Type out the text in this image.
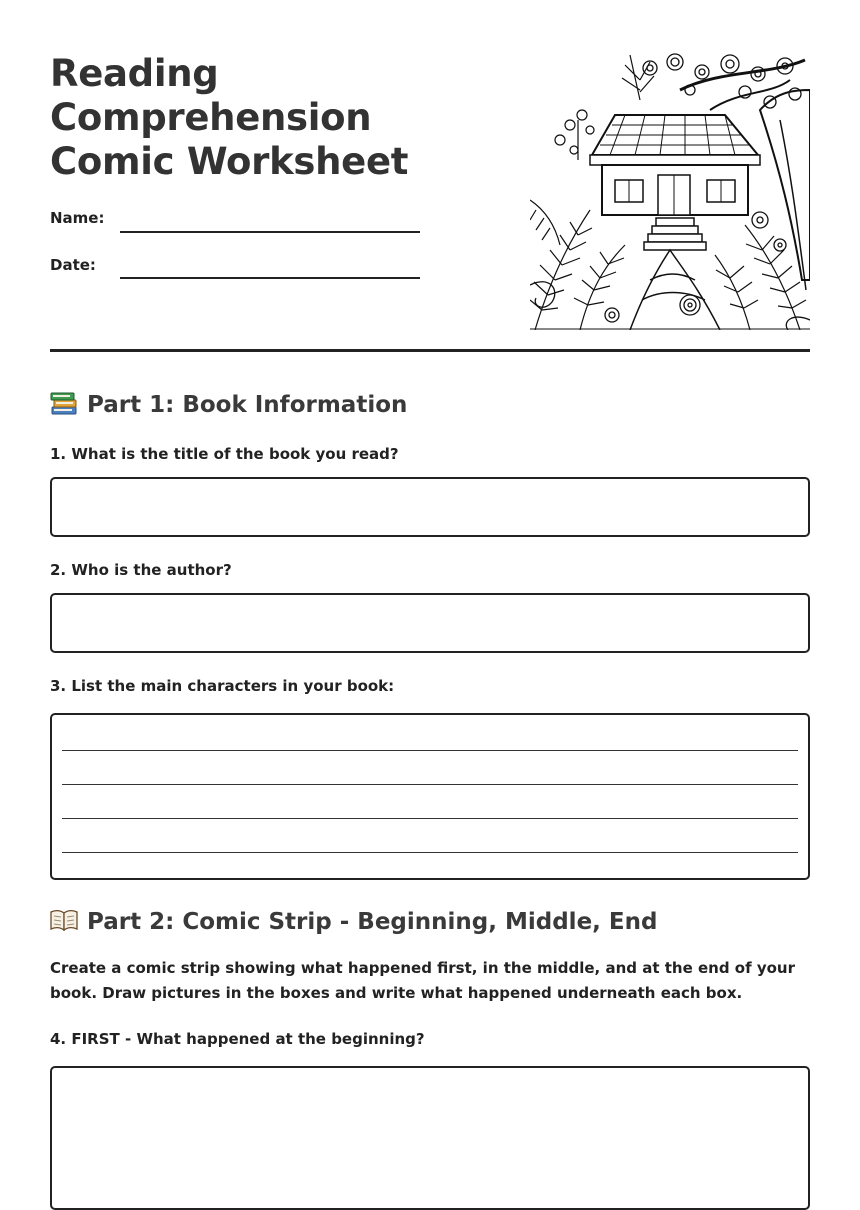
Reading Comprehension Comic Worksheet
Name:
Date:
Part 1: Book Information
1. What is the title of the book you read?
2. Who is the author?
3. List the main characters in your book:
Part 2: Comic Strip - Beginning, Middle, End

Create a comic strip showing what happened first, in the middle, and at the end of your book. Draw pictures in the boxes and write what happened underneath each box.

4. FIRST - What happened at the beginning?
